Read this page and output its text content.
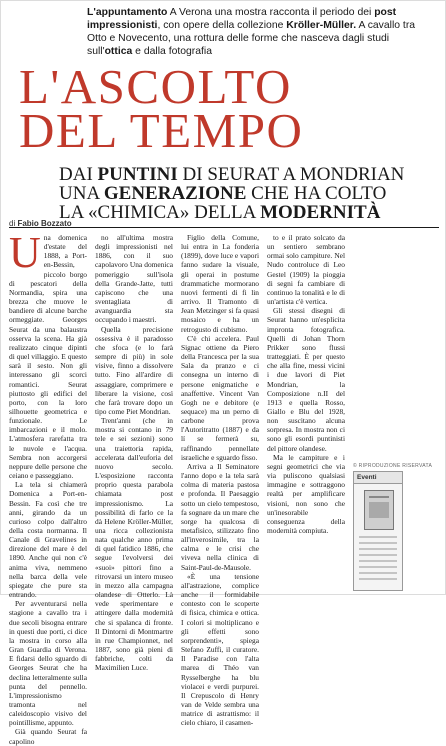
L'appuntamento A Verona una mostra racconta il periodo dei post impressionisti, con opere della collezione Kröller-Müller. A cavallo tra Otto e Novecento, una rottura delle forme che nasceva dagli studi sull'ottica e dalla fotografia
L'ASCOLTO
DEL TEMPO
DAI PUNTINI DI SEURAT A MONDRIAN
UNA GENERAZIONE CHE HA COLTO
LA «CHIMICA» DELLA MODERNITÀ
di Fabio Bozzato

Una domenica d'estate del 1888, a Port-en-Bessin, piccolo borgo di pescatori della Normandia, spira una brezza che muove le bandiere di alcune barche ormeggiate. Georges Seurat da una balaustra osserva la scena. Ha già realizzato cinque dipinti di quel villaggio. E questo sarà il sesto. Non gli interessano gli scorci romantici. Seurat piuttosto gli edifici del porto, con la loro silhouette geometrica e funzionale. Le imbarcazioni e il molo. L'atmosfera rarefatta tra le nuvole e l'acqua. Sembra non accorgersi neppure delle persone che ceiano e passeggiano.

La tela si chiamerà Domenica a Port-en-Bessin. Fa così che tre anni, girando da un curioso colpo dall'altro della costa normanna. Il Canale di Gravelines in direzione del mare è del 1890. Anche qui non c'è anima viva, nemmeno nella barca della vele spiegate che pure sta entrando.

Per avventurarsi nella stagione a cavallo tra i due secoli bisogna entrare in questi due porti, ci dice la mostra in corso alla Gran Guardia di Verona. E fidarsi dello sguardo di Georges Seurat che ha declina letteralmente sulla punta del pennello. L'impressionismo tramonta nel caleidoscopio visivo del pointillisme, appunto.

Già quando Seurat fa capolino

no all'ultima mostra degli impressionisti nel 1886, con il suo capolavoro Una domenica pomeriggio sull'isola della Grande-Jatte, tutti capiscono che una sventagliata di avanguardia sta occupando i maestri.

Quella precisione ossessiva è il paradosso che sfoca (e lo farà sempre di più) in sole visive, finno a dissolvere tutto. Fino all'ardire di assaggiare, comprimere e liberare la visione, così che farà trovare dopo un tipo come Piet Mondrian.

Trent'anni (che in mostra si contano in 79 tele e sei sezioni) sono una traiettoria rapida, accelerata dall'euforia del nuovo secolo. L'esposizione racconta proprio questa parabola chiamata post impressionismo. La possibilità di farlo ce la dà Helene Kröller-Müller, una ricca collezionista nata qualche anno prima di quel fatidico 1886, che segue l'evolversi dei «suoi» pittori fino a ritrovarsi un intero museo in mezzo alla campagna olandese di Otterlo. Là vede sperimentare e attingere dalla modernità che si spalanca di fronte. Il Dintorni di Montmartre in rue Championnet, nel 1887, sono già pieni di fabbriche, colti da Maximilien Luce.

Figlio della Comune, lui entra in La fonderia (1899), dove luce e vapori fanno sudare la visuale, gli operai in postume drammatiche mormorano nuovi fermenti di fi lin arrivo. Il Tramonto di Jean Metzinger si fa quasi mosaico e ha un retrogusto di cubismo.

C'è chi accelera. Paul Signac ottiene da Piero della Francesca per la sua Sala da pranzo e ci consegna un interno di persone enigmatiche e anaffettive. Vincent Van Gogh ne e debitore (e sequace) ma un perno di carbone prova l'Autoritratto (1887) e da lí se fermerà su, raffinando pennellate israeliche e sguardo fisso.

Arriva a Il Seminatore l'anno dopo e la tela sarà colma di materia pastosa e profonda. Il Paesaggio sotto un cielo tempestoso, fa sognare da un mare che sorge ha qualcosa di metafisico, stilizzato fino all'inverosimile, tra la calma e le crisi che viveva nella clinica di Saint-Paul-de-Mausole.

«È una tensione all'astrazione, complice anche il formidabile contesto con le scoperte di fisica, chimica e ottica. I colori si moltiplicano e gli effetti sono sorprendenti», spiega Stefano Zuffi, il curatore. Il Paradise con l'alta marea di Théo van Rysselberghe ha blu violacei e verdi purpurei. Il Crepuscolo di Henry van de Velde sembra una matrice di astrattismo: il cielo chiaro, il casamen-

to e il prato solcato da un sentiero sembrano ormai solo campiture. Nel Nudo controluce di Leo Gestel (1909) la pioggia di segni fa cambiare di continuo la tonalità e le di un'artista c'è vertica.

Gli stessi disegni di Seurat hanno un'esplicita impronta fotografica. Quelli di Johan Thorn Prikker sono flussi tratteggiati. È per questo che alla fine, messi vicini i due lavori di Piet Mondrian, la Composizione n.II del 1913 e quella Rosso, Giallo e Blu del 1928, non suscitano alcuna sorpresa. In mostra non ci sono gli esordi puntinisti del pittore olandese.

Ma le campiture e i segni geometrici che via via puliscono qualsiasi immagine e sottraggono realtà per amplificare visioni, non sono che un'inesorabile conseguenza della modernità compiuta.

© RIPRODUZIONE RISERVATA
Eventi
